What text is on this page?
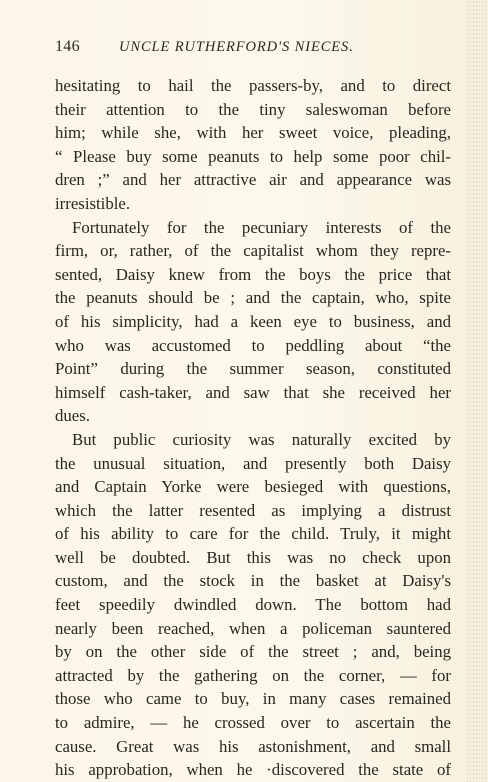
146	UNCLE RUTHERFORD'S NIECES.
hesitating to hail the passers-by, and to direct
their attention to the tiny saleswoman before
him; while she, with her sweet voice, pleading,
“ Please buy some peanuts to help some poor chil-
dren ;” and her attractive air and appearance was
irresistible.
Fortunately for the pecuniary interests of the
firm, or, rather, of the capitalist whom they repre-
sented, Daisy knew from the boys the price that
the peanuts should be ; and the captain, who, spite
of his simplicity, had a keen eye to business, and
who was accustomed to peddling about “the
Point” during the summer season, constituted
himself cash-taker, and saw that she received her
dues.
But public curiosity was naturally excited by
the unusual situation, and presently both Daisy
and Captain Yorke were besieged with questions,
which the latter resented as implying a distrust
of his ability to care for the child. Truly, it might
well be doubted. But this was no check upon
custom, and the stock in the basket at Daisy's
feet speedily dwindled down. The bottom had
nearly been reached, when a policeman sauntered
by on the other side of the street ; and, being
attracted by the gathering on the corner, — for
those who came to buy, in many cases remained
to admire, — he crossed over to ascertain the
cause. Great was his astonishment, and small
his approbation, when he ·discovered the state of
